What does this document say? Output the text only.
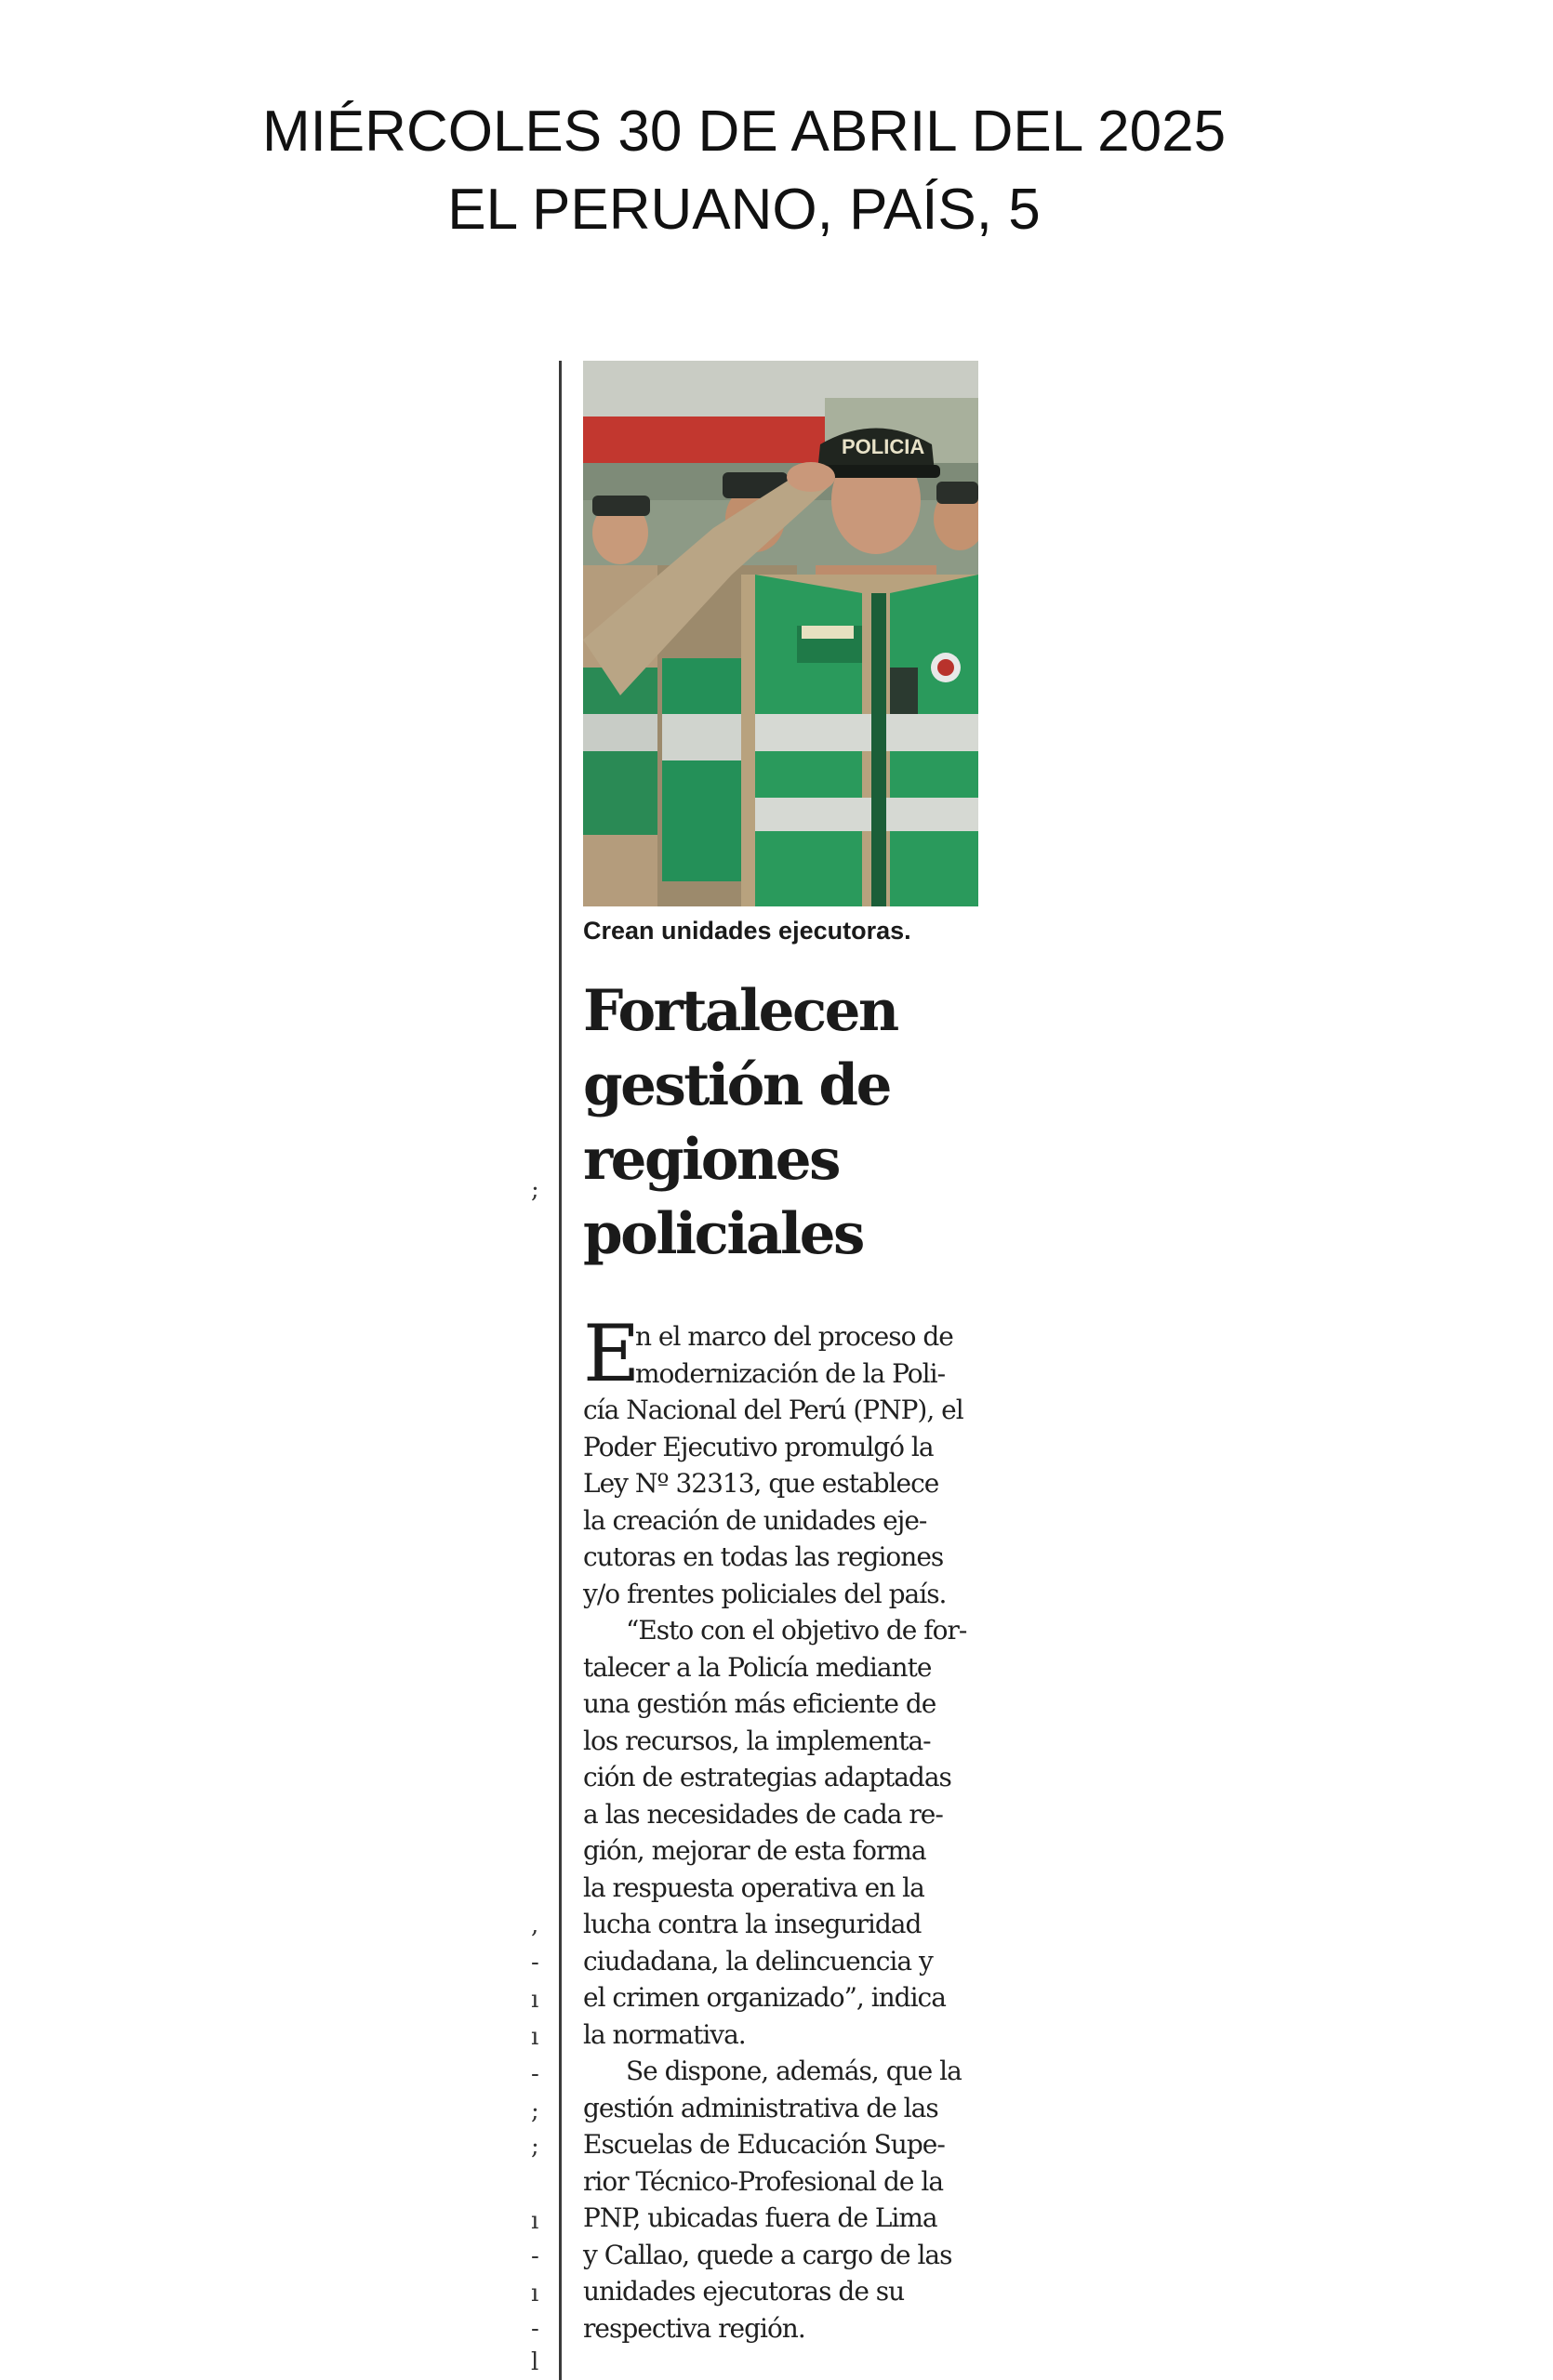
MIÉRCOLES 30 DE ABRIL DEL 2025
EL PERUANO, PAÍS, 5
;
,
-
ı
ı
-
;
;
ı
-
ı
-
l
POLICIA
Crean unidades ejecutoras.
Fortalecen
gestión de
regiones
policiales
E
n el marco del proceso de
modernización de la Poli-
cía Nacional del Perú (PNP), el
Poder Ejecutivo promulgó la
Ley Nº 32313, que establece
la creación de unidades eje-
cutoras en todas las regiones
y/o frentes policiales del país.
“Esto con el objetivo de for-
talecer a la Policía mediante
una gestión más eficiente de
los recursos, la implementa-
ción de estrategias adaptadas
a las necesidades de cada re-
gión, mejorar de esta forma
la respuesta operativa en la
lucha contra la inseguridad
ciudadana, la delincuencia y
el crimen organizado”, indica
la normativa.
Se dispone, además, que la
gestión administrativa de las
Escuelas de Educación Supe-
rior Técnico-Profesional de la
PNP, ubicadas fuera de Lima
y Callao, quede a cargo de las
unidades ejecutoras de su
respectiva región.
